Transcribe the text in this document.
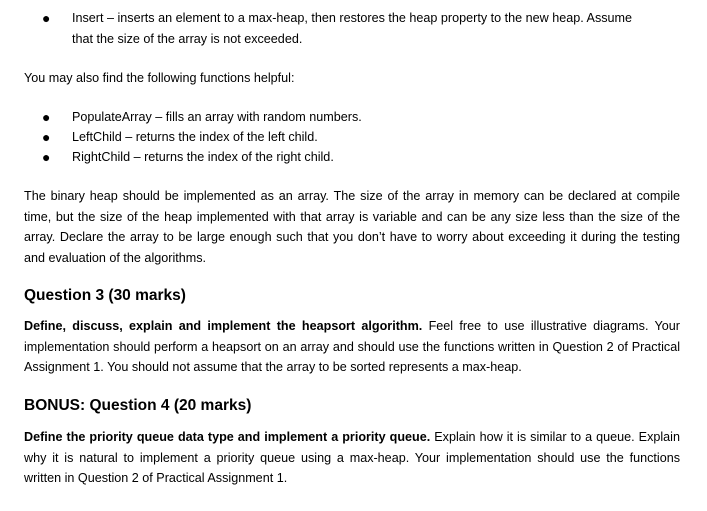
● Insert – inserts an element to a max-heap, then restores the heap property to the new heap. Assume
that the size of the array is not exceeded.
You may also find the following functions helpful:
● PopulateArray – fills an array with random numbers.
● LeftChild – returns the index of the left child.
● RightChild – returns the index of the right child.
The binary heap should be implemented as an array. The size of the array in memory can be declared at compile time, but the size of the heap implemented with that array is variable and can be any size less than the size of the array. Declare the array to be large enough such that you don’t have to worry about exceeding it during the testing and evaluation of the algorithms.
Question 3 (30 marks)
Define, discuss, explain and implement the heapsort algorithm. Feel free to use illustrative diagrams. Your implementation should perform a heapsort on an array and should use the functions written in Question 2 of Practical Assignment 1. You should not assume that the array to be sorted represents a max-heap.
BONUS: Question 4 (20 marks)
Define the priority queue data type and implement a priority queue. Explain how it is similar to a queue. Explain why it is natural to implement a priority queue using a max-heap. Your implementation should use the functions written in Question 2 of Practical Assignment 1.
